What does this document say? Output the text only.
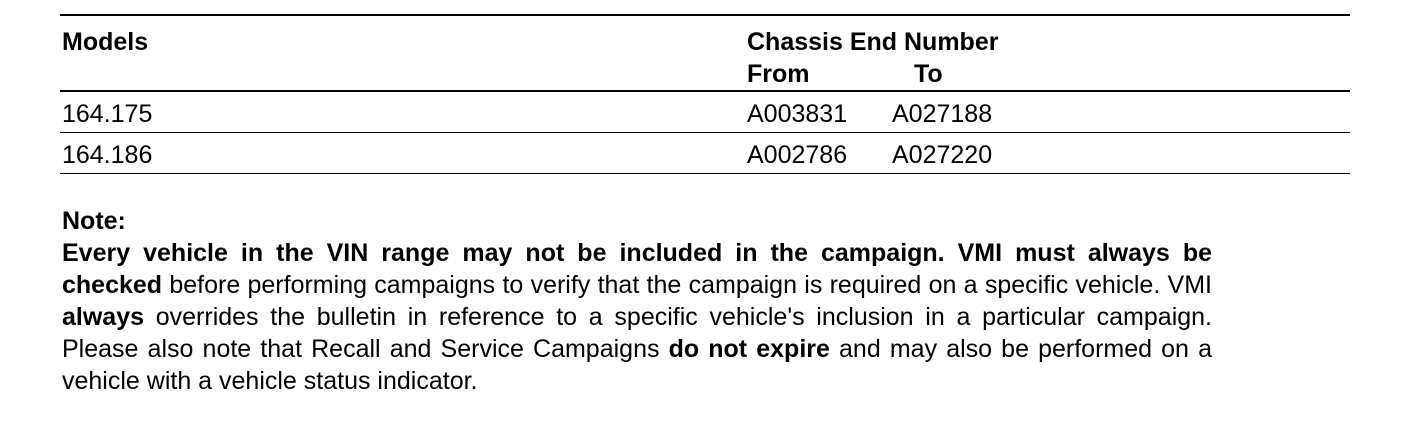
Models	Chassis End Number
From	To
164.175	A003831 A027188
164.186	A002786 A027220
Note:

Every vehicle in the VIN range may not be included in the campaign. VMI must always be checked before performing campaigns to verify that the campaign is required on a specific vehicle. VMI always overrides the bulletin in reference to a specific vehicle's inclusion in a particular campaign. Please also note that Recall and Service Campaigns do not expire and may also be performed on a vehicle with a vehicle status indicator.
